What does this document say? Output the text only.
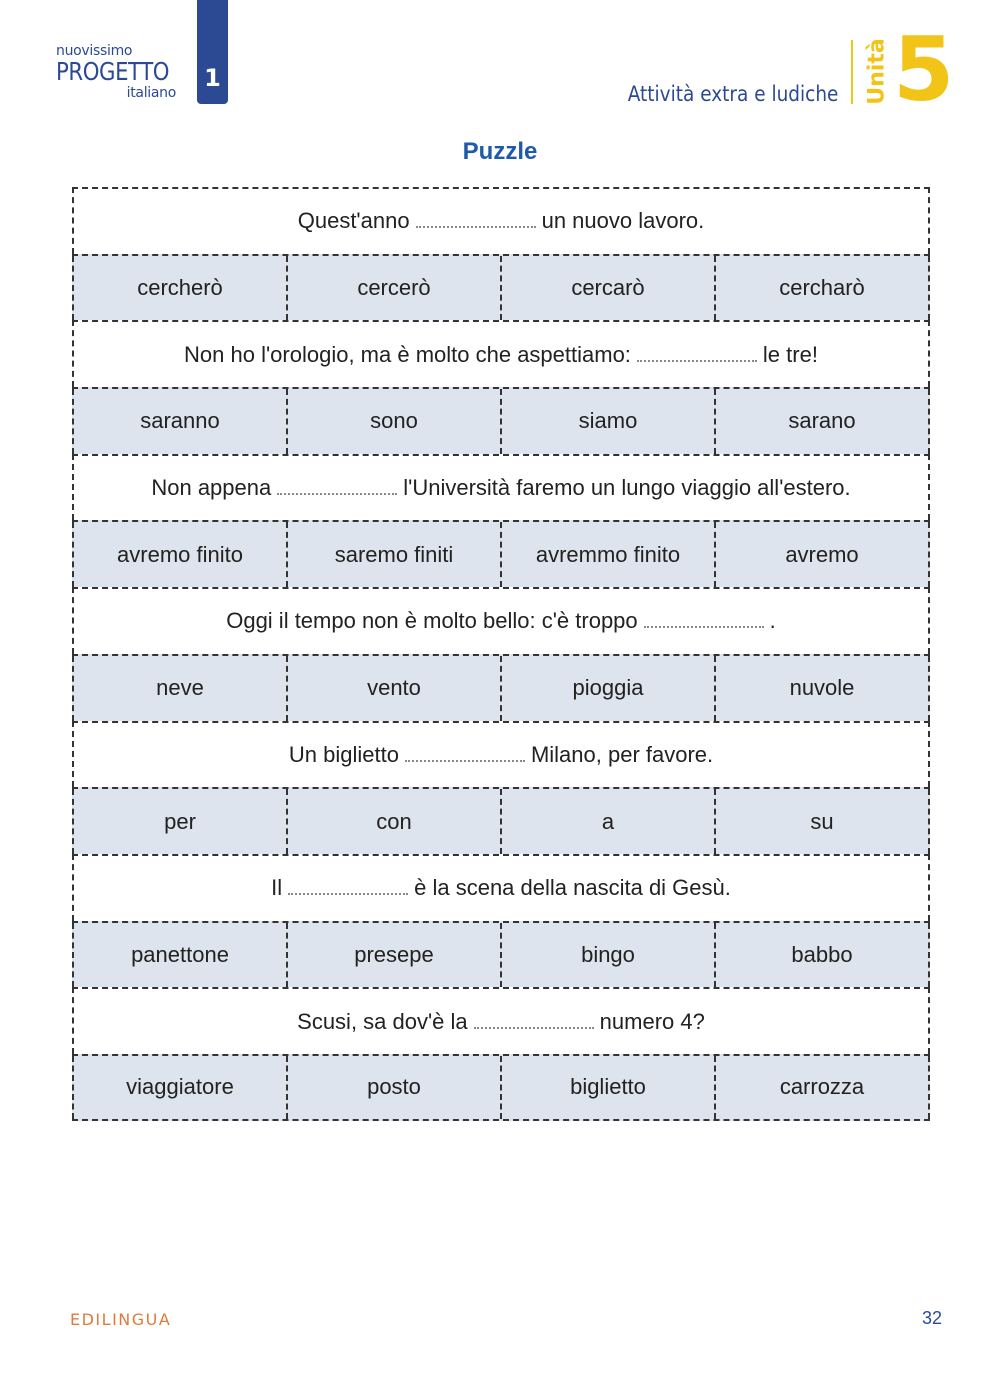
nuovissimo
PROGETTO
italiano
1
Attività extra e ludiche Unità 5
Puzzle
Quest'anno	un nuovo lavoro.
cercherò	cercerò	cercarò	cercharò
Non ho l'orologio, ma è molto che aspettiamo:	le tre!
saranno	sono	siamo	sarano
Non appena	l'Università faremo un lungo viaggio all'estero.
avremo finito	saremo finiti	avremmo finito	avremo
Oggi il tempo non è molto bello: c'è troppo	.
neve	vento	pioggia	nuvole
Un biglietto	Milano, per favore.
per	con	a	su
Il	è la scena della nascita di Gesù.
panettone	presepe	bingo	babbo
Scusi, sa dov'è la	numero 4?
viaggiatore	posto	biglietto	carrozza
EDILINGUA	32
